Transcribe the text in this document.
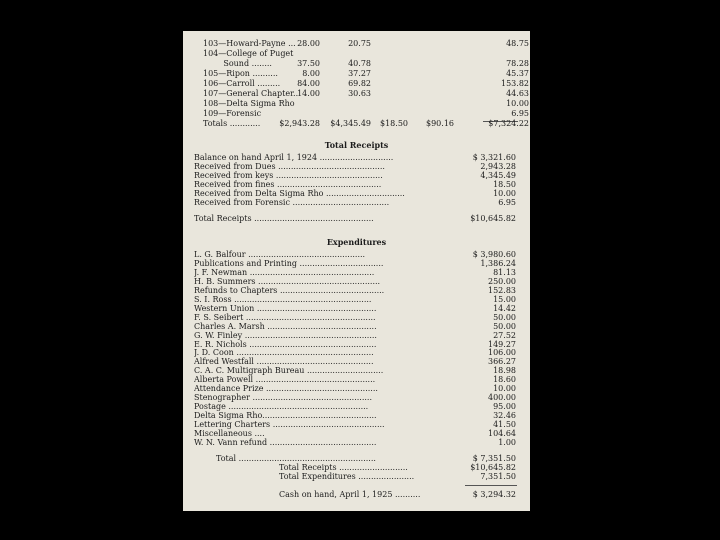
103—Howard-Payne ... 28.00	20.75	48.75
104—College of Puget
Sound ........	37.50	40.78	78.28
105—Ripon ..........	8.00	37.27	45.37
106—Carroll ......... 84.00	69.82	153.82
107—General Chapter..
14.00	30.63	44.63
108—Delta Sigma Rho	10.00
109—Forensic	6.95
Totals ............ $2,943.28 $4,345.49 $18.50 $90.16	$7,324.22
Total Receipts
Balance on hand April 1, 1924 .............................	$ 3,321.60
Received from Dues ..........................................	2,943.28
Received from keys ..........................................	4,345.49
Received from fines .........................................	18.50
Received from Delta Sigma Rho ...............................	10.00
Received from Forensic ......................................	6.95
Total Receipts ...............................................	$10,645.82
Expenditures
L. G. Balfour ..............................................	$ 3,980.60
Publications and Printing .................................	1,386.24
J. F. Newman .................................................	81.13
H. B. Summers ................................................	250.00
Refunds to Chapters .........................................	152.83
S. I. Ross ......................................................	15.00
Western Union ...............................................	14.42
F. S. Seibert ...................................................	50.00
Charles A. Marsh ...........................................	50.00
G. W. Finley ....................................................	27.52
E. R. Nichols ..................................................	149.27
J. D. Coon ......................................................	106.00
Alfred Westfall ..............................................	366.27
C. A. C. Multigraph Bureau ..............................	18.98
Alberta Powell ...............................................	18.60
Attendance Prize ............................................	10.00
Stenographer ...............................................	400.00
Postage .......................................................	95.00
Delta Sigma Rho.............................................	32.46
Lettering Charters ............................................	41.50
Miscellaneous ....	104.64
W. N. Vann refund ..........................................	1.00
Total ......................................................	$ 7,351.50
Total Receipts ...........................	$10,645.82
Total Expenditures ......................	7,351.50
Cash on hand, April 1, 1925 ..........	$ 3,294.32
